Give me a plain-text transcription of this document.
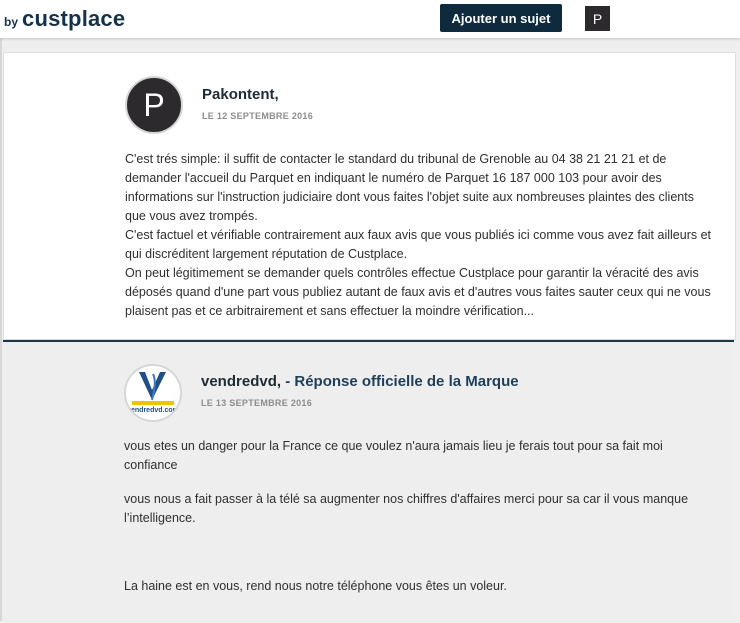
by custplace	Ajouter un sujet	P
P	Pakontent,
LE 12 SEPTEMBRE 2016

C'est trés simple: il suffit de contacter le standard du tribunal de Grenoble au 04 38 21 21 21 et de demander l'accueil du Parquet en indiquant le numéro de Parquet 16 187 000 103 pour avoir des informations sur l'instruction judiciaire dont vous faites l'objet suite aux nombreuses plaintes des clients que vous avez trompés.

C'est factuel et vérifiable contrairement aux faux avis que vous publiés ici comme vous avez fait ailleurs et qui discréditent largement réputation de Custplace.

On peut légitimement se demander quels contrôles effectue Custplace pour garantir la véracité des avis déposés quand d'une part vous publiez autant de faux avis et d'autres vous faites sauter ceux qui ne vous plaisent pas et ce arbitrairement et sans effectuer la moindre vérification...

vendredvd.com
vendredvd, - Réponse officielle de la Marque
LE 13 SEPTEMBRE 2016

vous etes un danger pour la France ce que voulez n'aura jamais lieu je ferais tout pour sa fait moi confiance

vous nous a fait passer à la télé sa augmenter nos chiffres d'affaires merci pour sa car il vous manque l’intelligence.

La haine est en vous, rend nous notre téléphone vous êtes un voleur.
